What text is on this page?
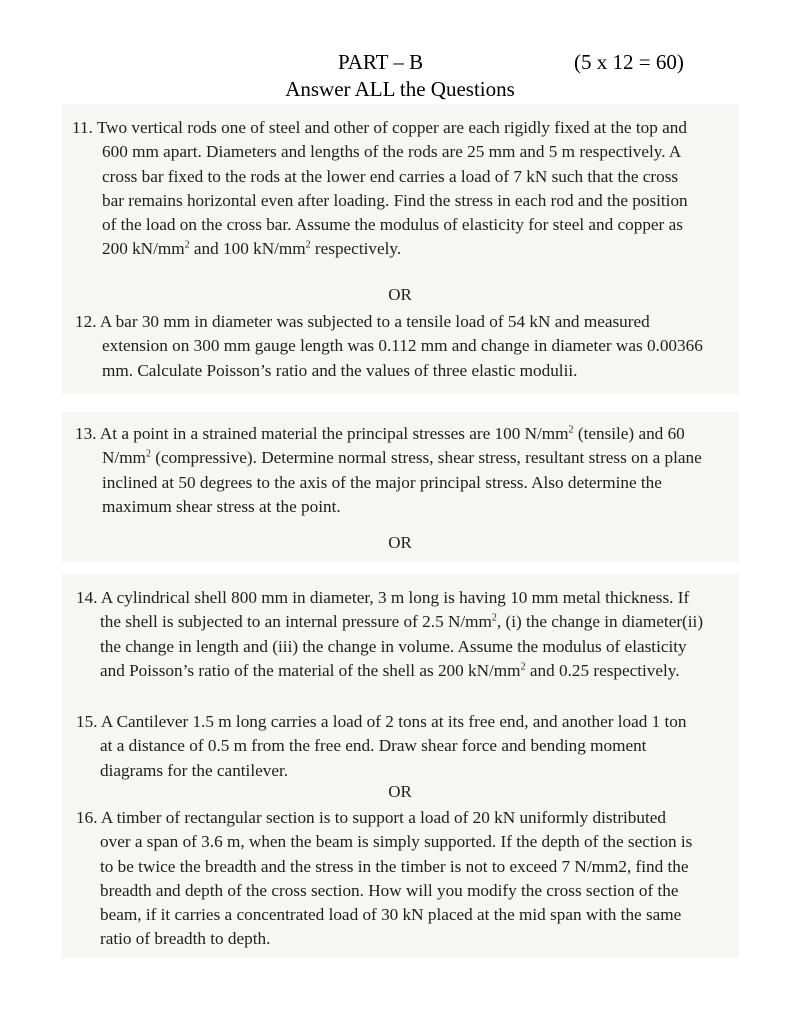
PART – B	(5 x 12 = 60)
Answer ALL the Questions
11. Two vertical rods one of steel and other of copper are each rigidly fixed at the top and
600 mm apart. Diameters and lengths of the rods are 25 mm and 5 m respectively. A
cross bar fixed to the rods at the lower end carries a load of 7 kN such that the cross
bar remains horizontal even after loading. Find the stress in each rod and the position
of the load on the cross bar. Assume the modulus of elasticity for steel and copper as
200 $kN/mm^2$ and 100 $kN/mm^2$ respectively.
OR
12. A bar 30 mm in diameter was subjected to a tensile load of 54 kN and measured
extension on 300 mm gauge length was 0.112 mm and change in diameter was 0.00366
mm. Calculate Poisson’s ratio and the values of three elastic modulii.
13. At a point in a strained material the principal stresses are 100 $N/mm^2$ (tensile) and 60
$N/mm^2$ (compressive). Determine normal stress, shear stress, resultant stress on a plane
inclined at 50 degrees to the axis of the major principal stress. Also determine the
maximum shear stress at the point.
OR
14. A cylindrical shell 800 mm in diameter, 3 m long is having 10 mm metal thickness. If
the shell is subjected to an internal pressure of 2.5 $N/mm^2$, (i) the change in diameter(ii)
the change in length and (iii) the change in volume. Assume the modulus of elasticity
and Poisson’s ratio of the material of the shell as 200 $kN/mm^2$ and 0.25 respectively.
15. A Cantilever 1.5 m long carries a load of 2 tons at its free end, and another load 1 ton
at a distance of 0.5 m from the free end. Draw shear force and bending moment
diagrams for the cantilever.
OR
16. A timber of rectangular section is to support a load of 20 kN uniformly distributed
over a span of 3.6 m, when the beam is simply supported. If the depth of the section is
to be twice the breadth and the stress in the timber is not to exceed 7 N/mm2, find the
breadth and depth of the cross section. How will you modify the cross section of the
beam, if it carries a concentrated load of 30 kN placed at the mid span with the same
ratio of breadth to depth.
